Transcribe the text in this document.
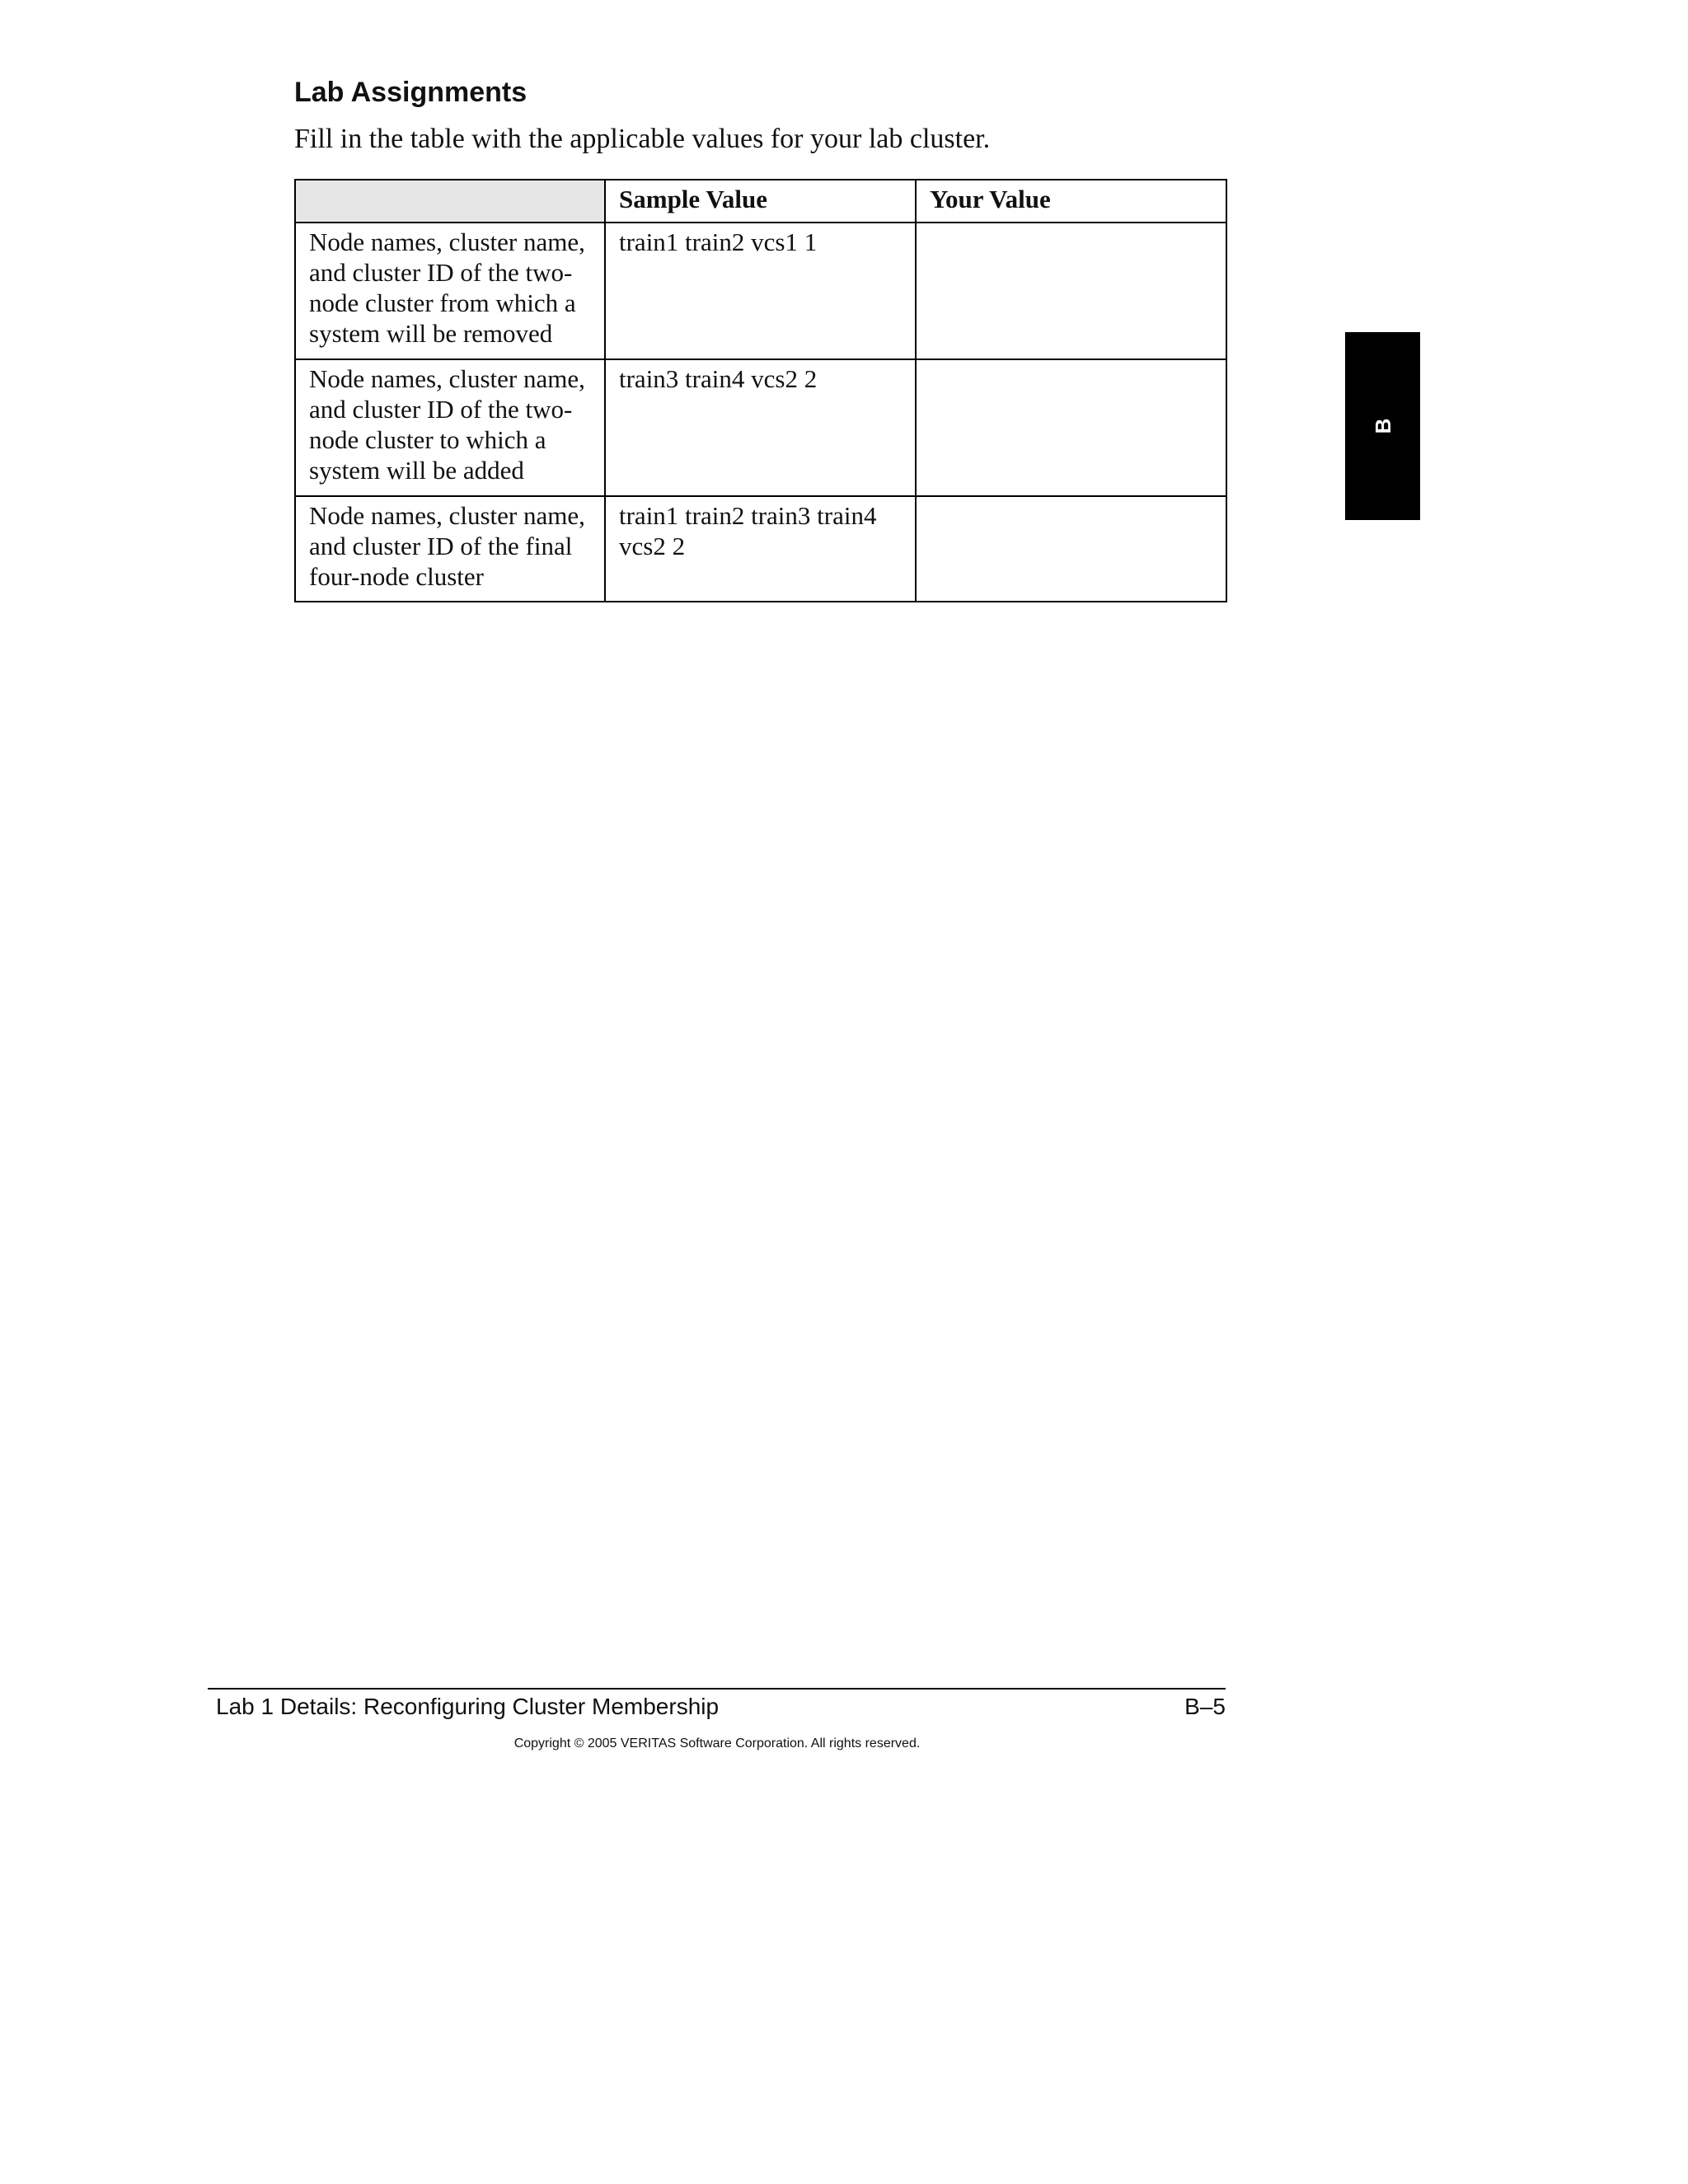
Lab Assignments

Fill in the table with the applicable values for your lab cluster.

	Sample Value	Your Value
Node names, cluster name, and cluster ID of the two-node cluster from which a system will be removed	train1 train2 vcs1 1	
Node names, cluster name, and cluster ID of the two-node cluster to which a system will be added	train3 train4 vcs2 2	
Node names, cluster name, and cluster ID of the final four-node cluster	train1 train2 train3 train4 vcs2 2	
B
Lab 1 Details: Reconfiguring Cluster Membership	B–5
Copyright © 2005 VERITAS Software Corporation. All rights reserved.
